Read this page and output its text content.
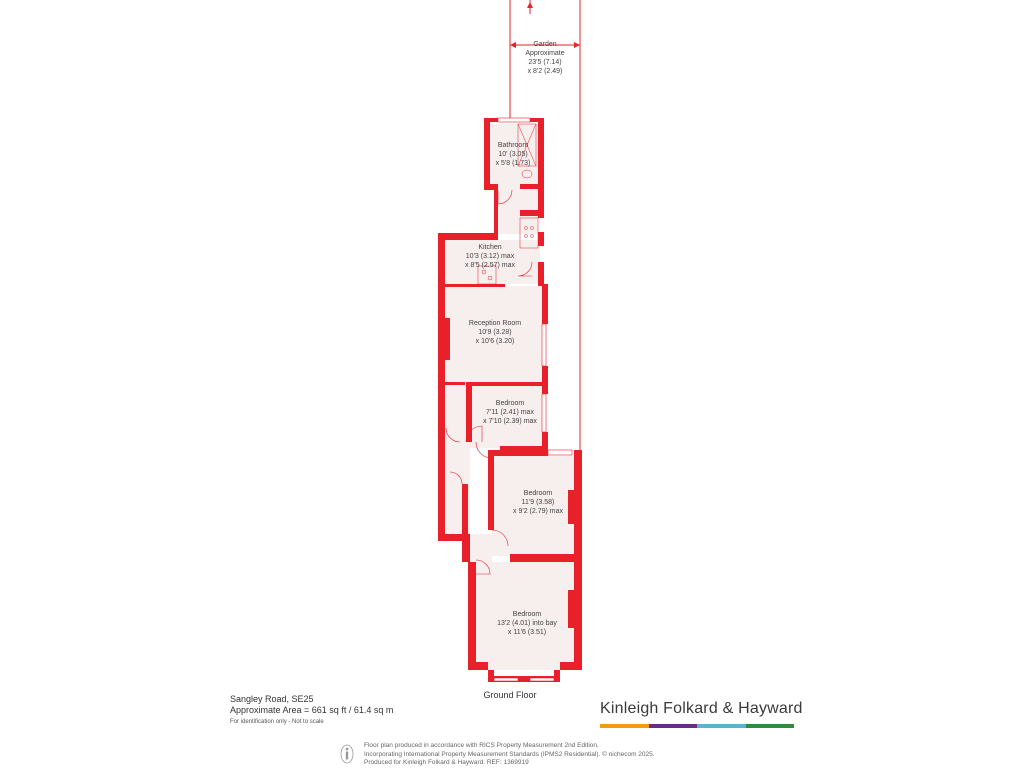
Garden
Approximate
23'5 (7.14)
x 8'2 (2.49)
Bathroom
10' (3.05)
x 5'8 (1.73)
Kitchen
10'3 (3.12) max
x 8'5 (2.57) max
Reception Room
10'9 (3.28)
x 10'6 (3.20)
Bedroom
7'11 (2.41) max
x 7'10 (2.39) max
Bedroom
11'9 (3.58)
x 9'2 (2.79) max
Bedroom
13'2 (4.01) into bay
x 11'6 (3.51)
Ground Floor
Sangley Road, SE25
Approximate Area = 661 sq ft / 61.4 sq m
For identification only - Not to scale
Kinleigh Folkard & Hayward
Floor plan produced in accordance with RICS Property Measurement 2nd Edition,
Incorporating International Property Measurement Standards (IPMS2 Residential). © nichecom 2025.
Produced for Kinleigh Folkard & Hayward. REF: 1369919
